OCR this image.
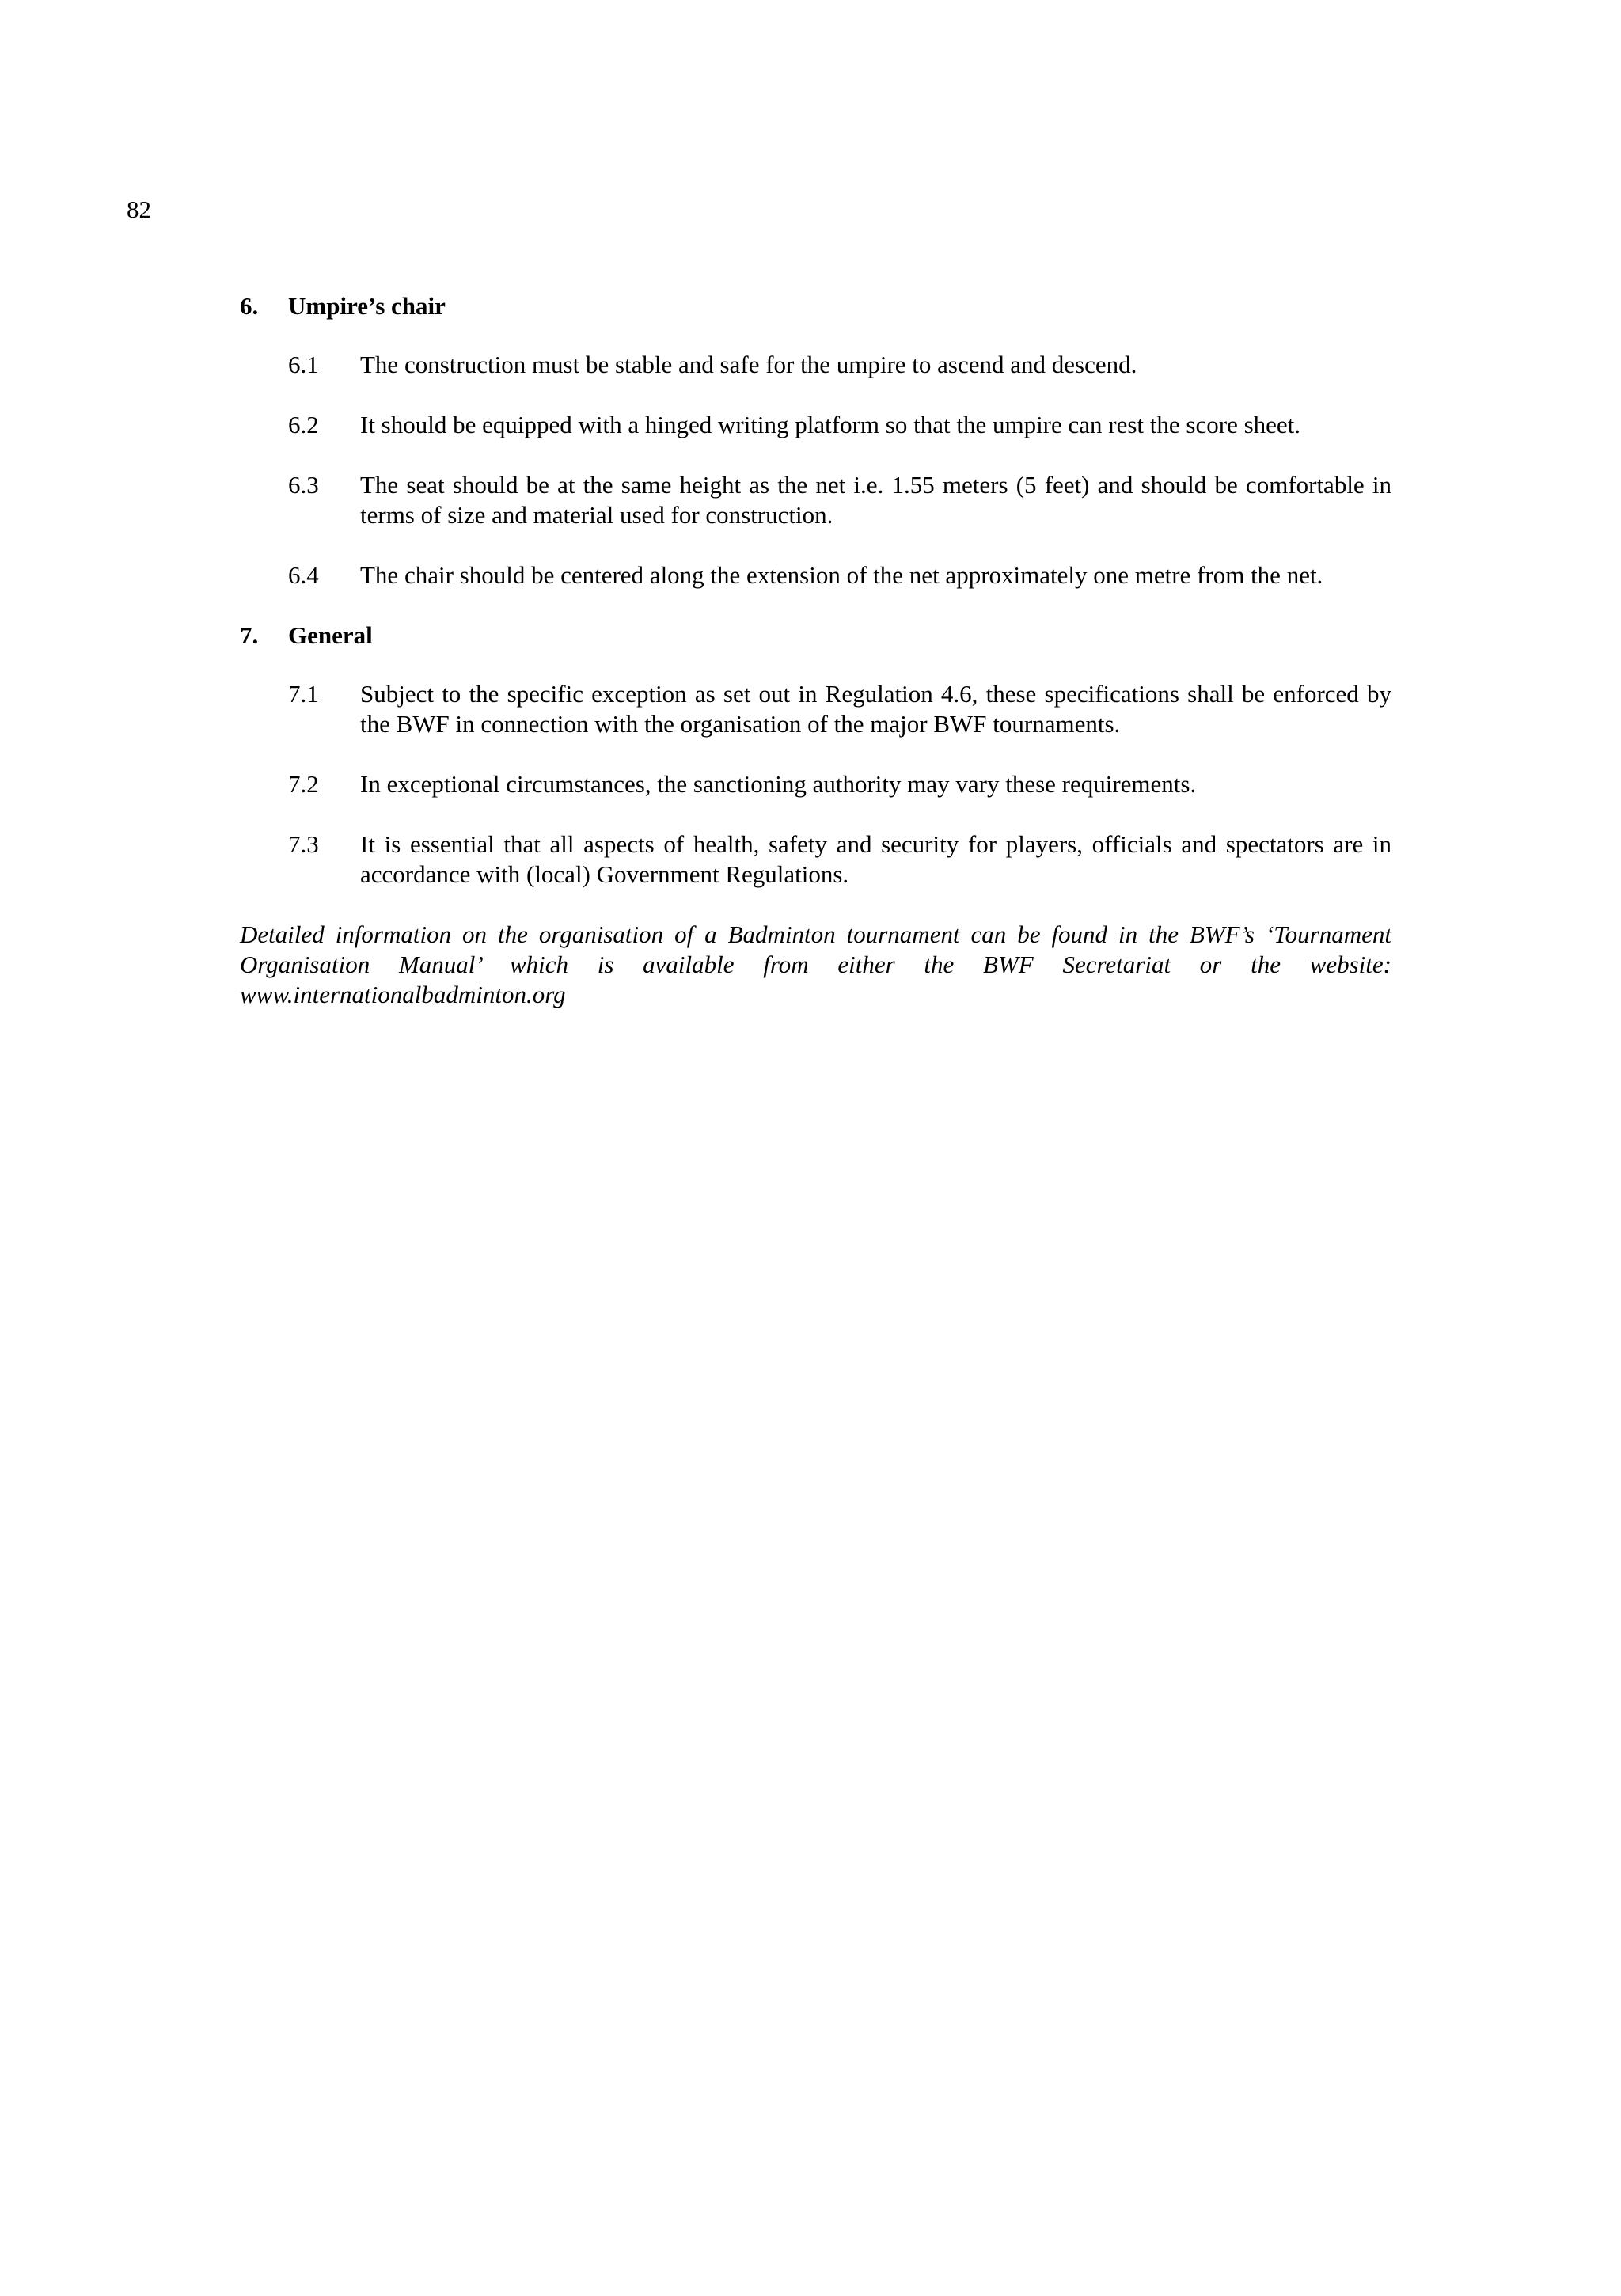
82
6.	Umpire’s chair
6.1	The construction must be stable and safe for the umpire to ascend and descend.
6.2	It should be equipped with a hinged writing platform so that the umpire can rest the score sheet.
6.3	The seat should be at the same height as the net i.e. 1.55 meters (5 feet) and should be comfortable in terms of size and material used for construction.
6.4	The chair should be centered along the extension of the net approximately one metre from the net.
7.	General
7.1	Subject to the specific exception as set out in Regulation 4.6, these specifications shall be enforced by the BWF in connection with the organisation of the major BWF tournaments.
7.2	In exceptional circumstances, the sanctioning authority may vary these requirements.
7.3	It is essential that all aspects of health, safety and security for players, officials and spectators are in accordance with (local) Government Regulations.
Detailed information on the organisation of a Badminton tournament can be found in the BWF’s ‘Tournament Organisation Manual’ which is available from either the BWF Secretariat or the website: www.internationalbadminton.org
